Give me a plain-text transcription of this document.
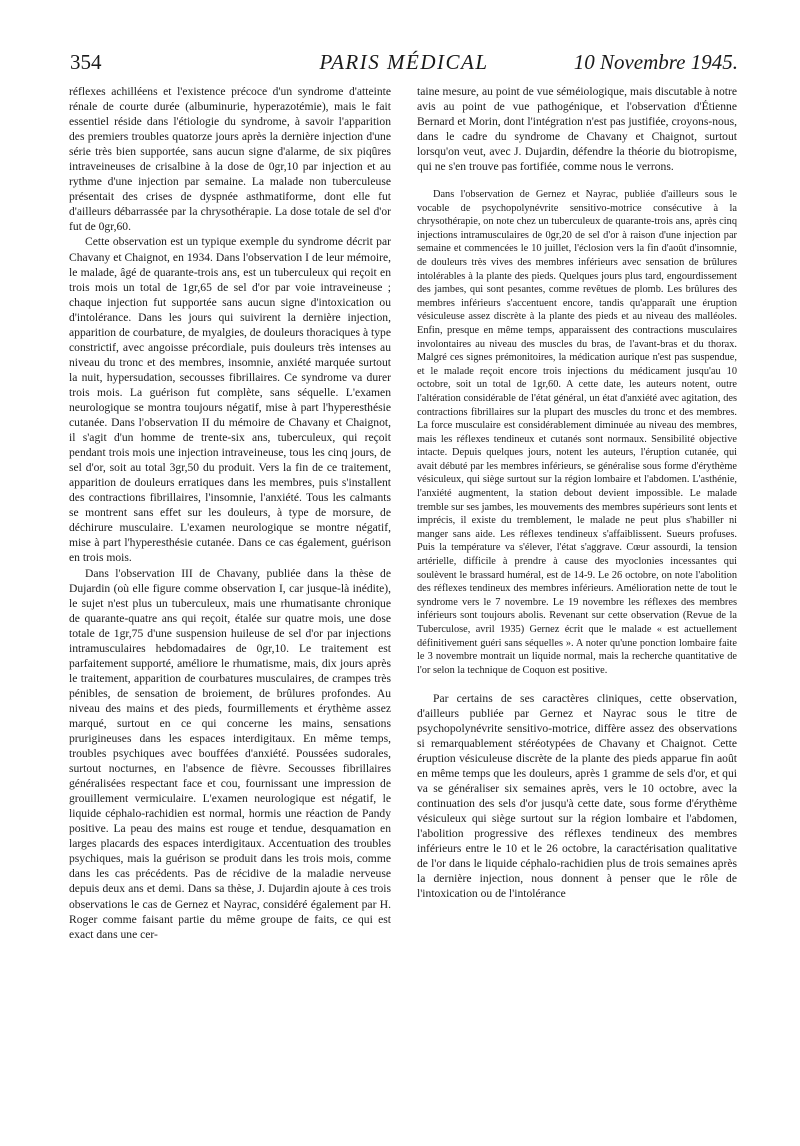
354	PARIS MÉDICAL	10 Novembre 1945.

réflexes achilléens et l'existence précoce d'un syndrome d'atteinte rénale de courte durée (albuminurie, hyperazotémie), mais le fait essentiel réside dans l'étiologie du syndrome, à savoir l'apparition des premiers troubles quatorze jours après la dernière injection d'une série très bien supportée, sans aucun signe d'alarme, de six piqûres intraveineuses de crisalbine à la dose de 0gr,10 par injection et au rythme d'une injection par semaine. La malade non tuberculeuse présentait des crises de dyspnée asthmatiforme, dont elle fut d'ailleurs débarrassée par la chrysothérapie. La dose totale de sel d'or fut de 0gr,60.

Cette observation est un typique exemple du syndrome décrit par Chavany et Chaignot, en 1934. Dans l'observation I de leur mémoire, le malade, âgé de quarante-trois ans, est un tuberculeux qui reçoit en trois mois un total de 1gr,65 de sel d'or par voie intraveineuse ; chaque injection fut supportée sans aucun signe d'intoxication ou d'intolérance. Dans les jours qui suivirent la dernière injection, apparition de courbature, de myalgies, de douleurs thoraciques à type constrictif, avec angoisse précordiale, puis douleurs très intenses au niveau du tronc et des membres, insomnie, anxiété marquée surtout la nuit, hypersudation, secousses fibrillaires. Ce syndrome va durer trois mois. La guérison fut complète, sans séquelle. L'examen neurologique se montra toujours négatif, mise à part l'hyperesthésie cutanée. Dans l'observation II du mémoire de Chavany et Chaignot, il s'agit d'un homme de trente-six ans, tuberculeux, qui reçoit pendant trois mois une injection intraveineuse, tous les cinq jours, de sel d'or, soit au total 3gr,50 du produit. Vers la fin de ce traitement, apparition de douleurs erratiques dans les membres, puis s'installent des contractions fibrillaires, l'insomnie, l'anxiété. Tous les calmants se montrent sans effet sur les douleurs, à type de morsure, de déchirure musculaire. L'examen neurologique se montre négatif, mise à part l'hyperesthésie cutanée. Dans ce cas également, guérison en trois mois.

Dans l'observation III de Chavany, publiée dans la thèse de Dujardin (où elle figure comme observation I, car jusque-là inédite), le sujet n'est plus un tuberculeux, mais une rhumatisante chronique de quarante-quatre ans qui reçoit, étalée sur quatre mois, une dose totale de 1gr,75 d'une suspension huileuse de sel d'or par injections intramusculaires hebdomadaires de 0gr,10. Le traitement est parfaitement supporté, améliore le rhumatisme, mais, dix jours après le traitement, apparition de courbatures musculaires, de crampes très pénibles, de sensation de broiement, de brûlures profondes. Au niveau des mains et des pieds, fourmillements et érythème assez marqué, surtout en ce qui concerne les mains, sensations prurigineuses dans les espaces interdigitaux. En même temps, troubles psychiques avec bouffées d'anxiété. Poussées sudorales, surtout nocturnes, en l'absence de fièvre. Secousses fibrillaires généralisées respectant face et cou, fournissant une impression de grouillement vermiculaire. L'examen neurologique est négatif, le liquide céphalo-rachidien est normal, hormis une réaction de Pandy positive. La peau des mains est rouge et tendue, desquamation en larges placards des espaces interdigitaux. Accentuation des troubles psychiques, mais la guérison se produit dans les trois mois, comme dans les cas précédents. Pas de récidive de la maladie nerveuse depuis deux ans et demi. Dans sa thèse, J. Dujardin ajoute à ces trois observations le cas de Gernez et Nayrac, considéré également par H. Roger comme faisant partie du même groupe de faits, ce qui est exact dans une cer-

taine mesure, au point de vue séméiologique, mais discutable à notre avis au point de vue pathogénique, et l'observation d'Étienne Bernard et Morin, dont l'intégration n'est pas justifiée, croyons-nous, dans le cadre du syndrome de Chavany et Chaignot, surtout lorsqu'on veut, avec J. Dujardin, défendre la théorie du biotropisme, qui ne s'en trouve pas fortifiée, comme nous le verrons.

Dans l'observation de Gernez et Nayrac, publiée d'ailleurs sous le vocable de psychopolynévrite sensitivo-motrice consécutive à la chrysothérapie, on note chez un tuberculeux de quarante-trois ans, après cinq injections intramusculaires de 0gr,20 de sel d'or à raison d'une injection par semaine et commencées le 10 juillet, l'éclosion vers la fin d'août d'insomnie, de douleurs très vives des membres inférieurs avec sensation de brûlures intolérables à la plante des pieds. Quelques jours plus tard, engourdissement des jambes, qui sont pesantes, comme revêtues de plomb. Les brûlures des membres inférieurs s'accentuent encore, tandis qu'apparaît une éruption vésiculeuse assez discrète à la plante des pieds et au niveau des malléoles. Enfin, presque en même temps, apparaissent des contractions musculaires involontaires au niveau des muscles du bras, de l'avant-bras et du thorax. Malgré ces signes prémonitoires, la médication aurique n'est pas suspendue, et le malade reçoit encore trois injections du médicament jusqu'au 10 octobre, soit un total de 1gr,60. A cette date, les auteurs notent, outre l'altération considérable de l'état général, un état d'anxiété avec agitation, des contractions fibrillaires sur la plupart des muscles du tronc et des membres. La force musculaire est considérablement diminuée au niveau des membres, mais les réflexes tendineux et cutanés sont normaux. Sensibilité objective intacte. Depuis quelques jours, notent les auteurs, l'éruption cutanée, qui avait débuté par les membres inférieurs, se généralise sous forme d'érythème vésiculeux, qui siège surtout sur la région lombaire et l'abdomen. L'asthénie, l'anxiété augmentent, la station debout devient impossible. Le malade tremble sur ses jambes, les mouvements des membres supérieurs sont lents et imprécis, il existe du tremblement, le malade ne peut plus s'habiller ni manger sans aide. Les réflexes tendineux s'affaiblissent. Sueurs profuses. Puis la température va s'élever, l'état s'aggrave. Cœur assourdi, la tension artérielle, difficile à prendre à cause des myoclonies incessantes qui soulèvent le brassard huméral, est de 14-9. Le 26 octobre, on note l'abolition des réflexes tendineux des membres inférieurs. Amélioration nette de tout le syndrome vers le 7 novembre. Le 19 novembre les réflexes des membres inférieurs sont toujours abolis. Revenant sur cette observation (Revue de la Tuberculose, avril 1935) Gernez écrit que le malade « est actuellement définitivement guéri sans séquelles ». A noter qu'une ponction lombaire faite le 3 novembre montrait un liquide normal, mais la recherche quantitative de l'or selon la technique de Coquon est positive.

Par certains de ses caractères cliniques, cette observation, d'ailleurs publiée par Gernez et Nayrac sous le titre de psychopolynévrite sensitivo-motrice, diffère assez des observations si remarquablement stéréotypées de Chavany et Chaignot. Cette éruption vésiculeuse discrète de la plante des pieds apparue fin août en même temps que les douleurs, après 1 gramme de sels d'or, et qui va se généraliser six semaines après, vers le 10 octobre, avec la continuation des sels d'or jusqu'à cette date, sous forme d'érythème vésiculeux qui siège surtout sur la région lombaire et l'abdomen, l'abolition progressive des réflexes tendineux des membres inférieurs entre le 10 et le 26 octobre, la caractérisation qualitative de l'or dans le liquide céphalo-rachidien plus de trois semaines après la dernière injection, nous donnent à penser que le rôle de l'intoxication ou de l'intolérance
